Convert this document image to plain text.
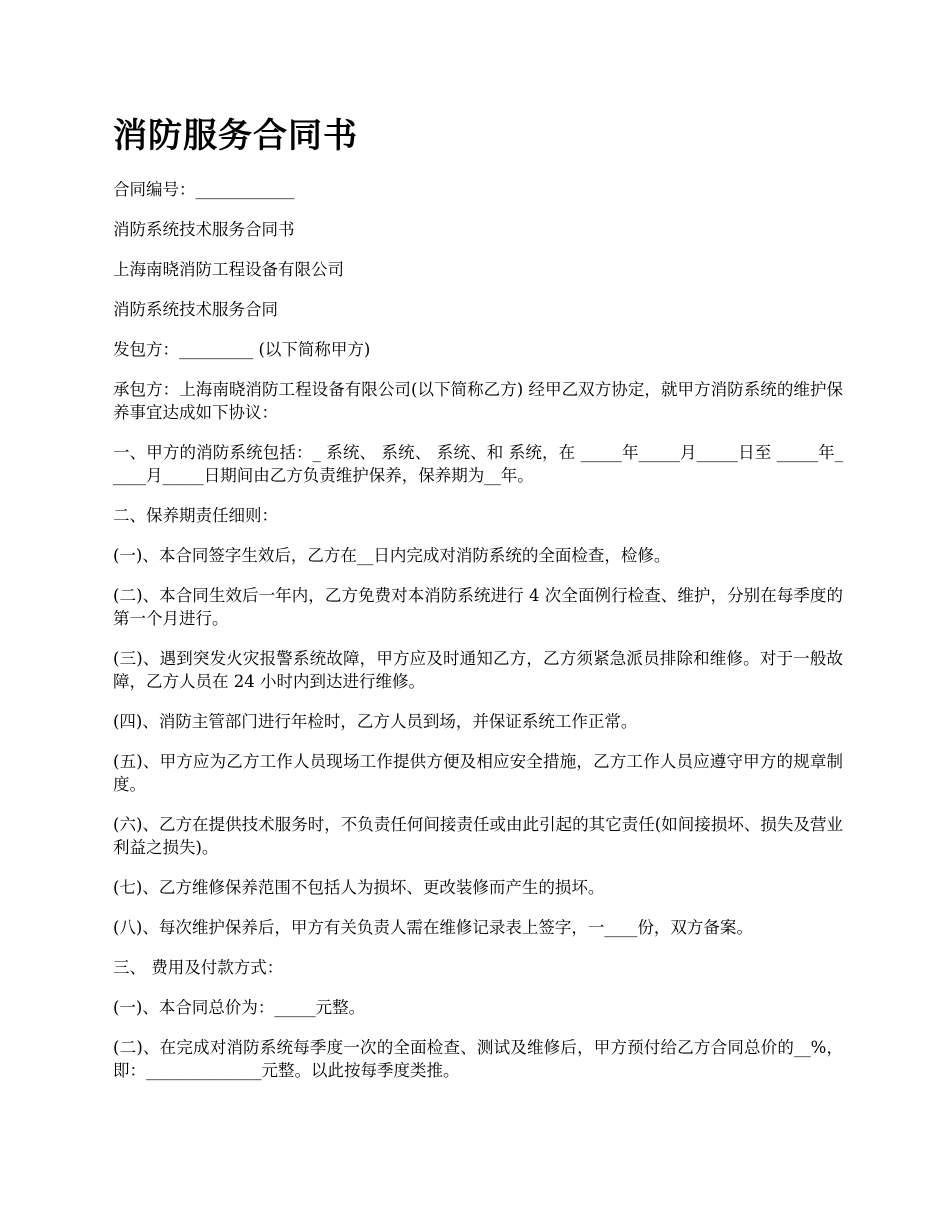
消防服务合同书

合同编号：____________

消防系统技术服务合同书

上海南晓消防工程设备有限公司

消防系统技术服务合同

发包方：_________ (以下简称甲方)

承包方：上海南晓消防工程设备有限公司(以下简称乙方) 经甲乙双方协定，就甲方消防系统的维护保养事宜达成如下协议：

一、甲方的消防系统包括：_ 系统、 系统、 系统、和 系统，在 _____年_____月_____日至 _____年_____月_____日期间由乙方负责维护保养，保养期为__年。

二、保养期责任细则：

(一)、本合同签字生效后，乙方在__日内完成对消防系统的全面检查，检修。

(二)、本合同生效后一年内，乙方免费对本消防系统进行 4 次全面例行检查、维护，分别在每季度的第一个月进行。

(三)、遇到突发火灾报警系统故障，甲方应及时通知乙方，乙方须紧急派员排除和维修。对于一般故障，乙方人员在 24 小时内到达进行维修。

(四)、消防主管部门进行年检时，乙方人员到场，并保证系统工作正常。

(五)、甲方应为乙方工作人员现场工作提供方便及相应安全措施，乙方工作人员应遵守甲方的规章制度。

(六)、乙方在提供技术服务时，不负责任何间接责任或由此引起的其它责任(如间接损坏、损失及营业利益之损失)。

(七)、乙方维修保养范围不包括人为损坏、更改装修而产生的损坏。

(八)、每次维护保养后，甲方有关负责人需在维修记录表上签字，一____份，双方备案。

三、 费用及付款方式：

(一)、本合同总价为：_____元整。

(二)、在完成对消防系统每季度一次的全面检查、测试及维修后，甲方预付给乙方合同总价的__%，即：______________元整。以此按每季度类推。
